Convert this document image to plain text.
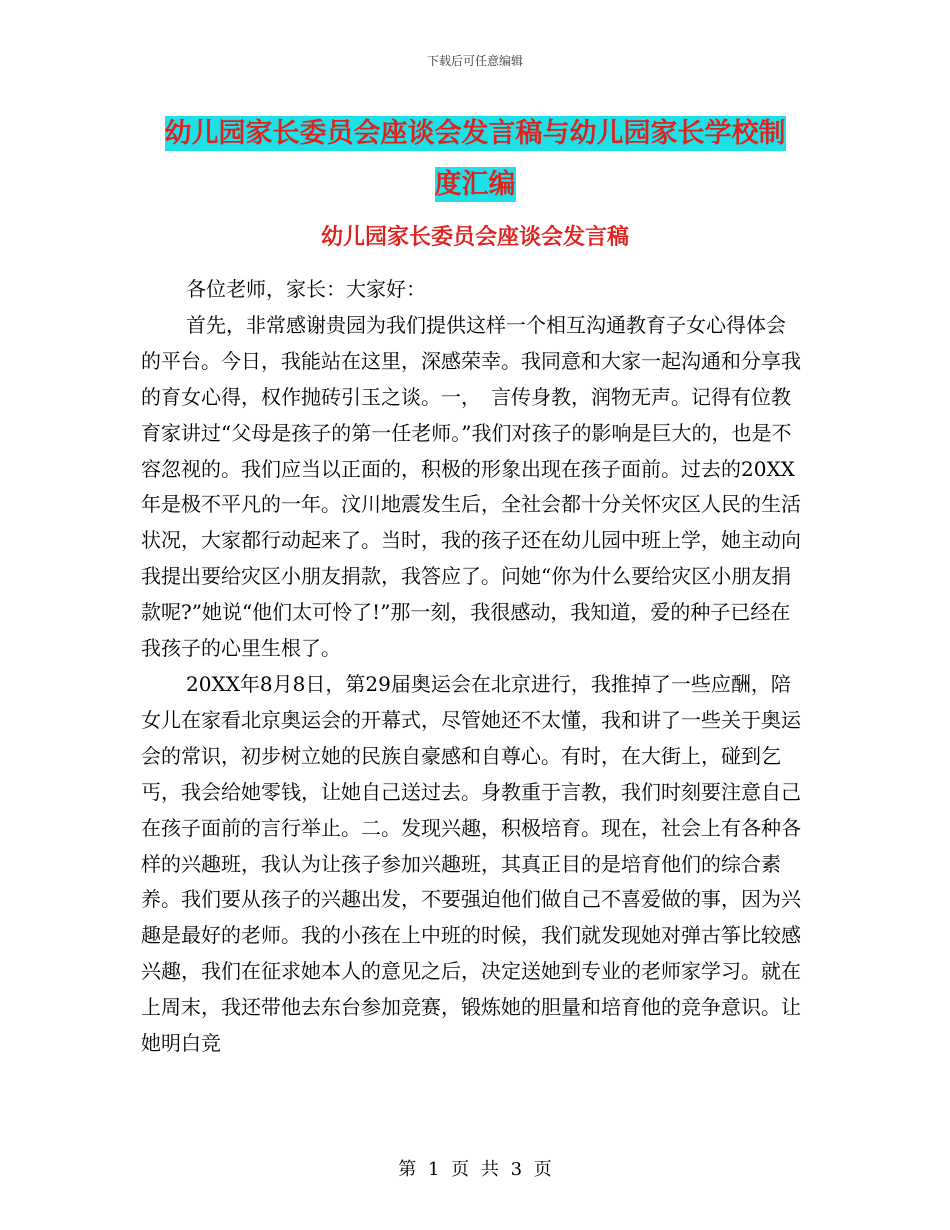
下载后可任意编辑
幼儿园家长委员会座谈会发言稿与幼儿园家长学校制
度汇编
幼儿园家长委员会座谈会发言稿

各位老师，家长：大家好：

首先，非常感谢贵园为我们提供这样一个相互沟通教育子女心得体会的平台。今日，我能站在这里，深感荣幸。我同意和大家一起沟通和分享我的育女心得，权作抛砖引玉之谈。一，　言传身教，润物无声。记得有位教育家讲过“父母是孩子的第一任老师。”我们对孩子的影响是巨大的，也是不容忽视的。我们应当以正面的，积极的形象出现在孩子面前。过去的20XX年是极不平凡的一年。汶川地震发生后，全社会都十分关怀灾区人民的生活状况，大家都行动起来了。当时，我的孩子还在幼儿园中班上学，她主动向我提出要给灾区小朋友捐款，我答应了。问她“你为什么要给灾区小朋友捐款呢?”她说“他们太可怜了!”那一刻，我很感动，我知道，爱的种子已经在我孩子的心里生根了。

20XX年8月8日，第29届奥运会在北京进行，我推掉了一些应酬，陪女儿在家看北京奥运会的开幕式，尽管她还不太懂，我和讲了一些关于奥运会的常识，初步树立她的民族自豪感和自尊心。有时，在大街上，碰到乞丐，我会给她零钱，让她自己送过去。身教重于言教，我们时刻要注意自己在孩子面前的言行举止。二。发现兴趣，积极培育。现在，社会上有各种各样的兴趣班，我认为让孩子参加兴趣班，其真正目的是培育他们的综合素养。我们要从孩子的兴趣出发，不要强迫他们做自己不喜爱做的事，因为兴趣是最好的老师。我的小孩在上中班的时候，我们就发现她对弹古筝比较感兴趣，我们在征求她本人的意见之后，决定送她到专业的老师家学习。就在上周末，我还带他去东台参加竞赛，锻炼她的胆量和培育他的竞争意识。让她明白竞

第 1 页 共 3 页
